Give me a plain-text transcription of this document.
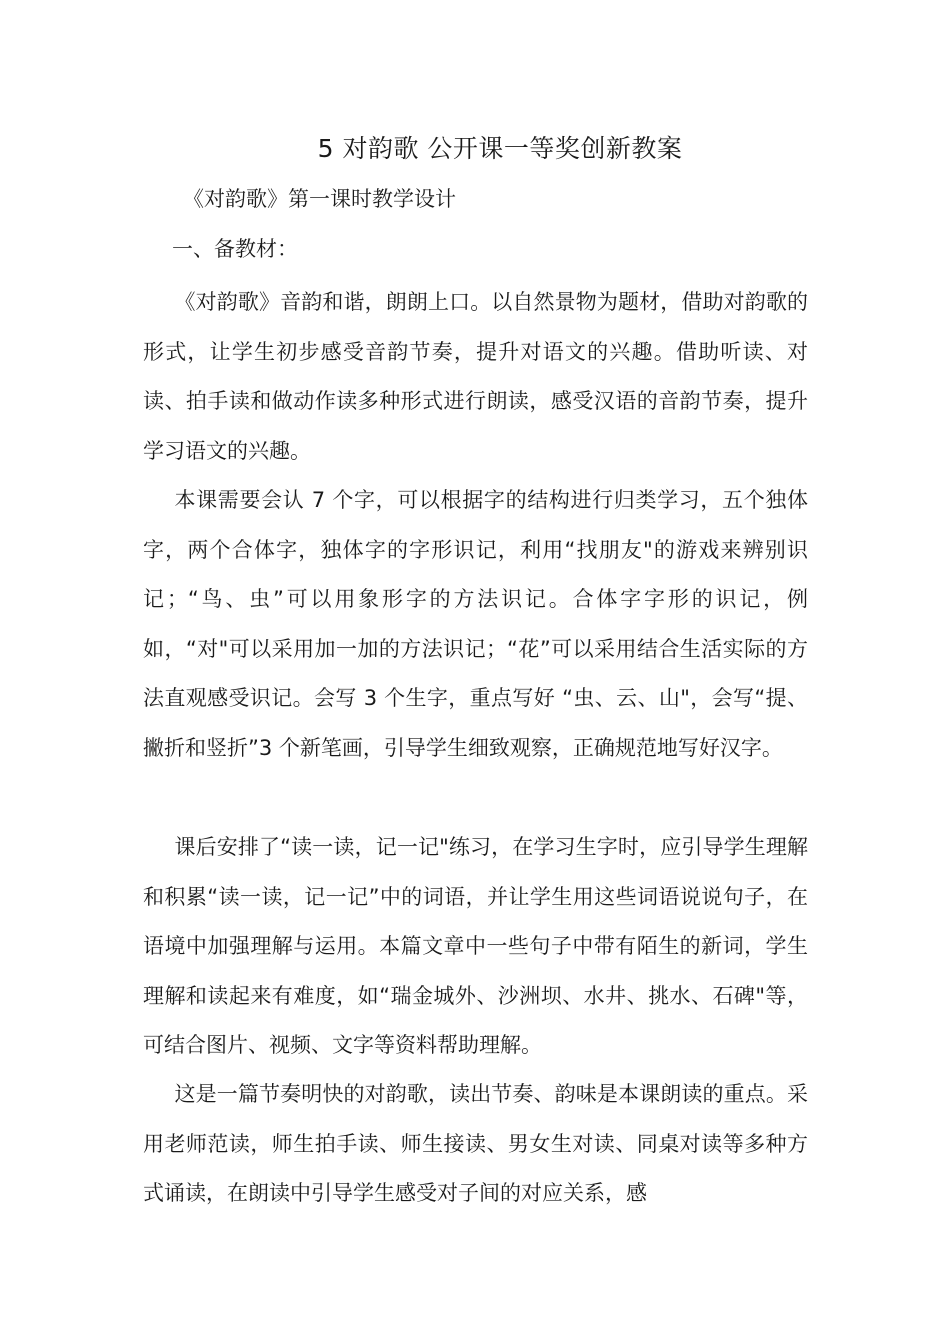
5 对韵歌 公开课一等奖创新教案
《对韵歌》第一课时教学设计
一、备教材：

《对韵歌》音韵和谐，朗朗上口。以自然景物为题材，借助对韵歌的形式，让学生初步感受音韵节奏，提升对语文的兴趣。借助听读、对读、拍手读和做动作读多种形式进行朗读，感受汉语的音韵节奏，提升学习语文的兴趣。

本课需要会认 7 个字，可以根据字的结构进行归类学习，五个独体字，两个合体字，独体字的字形识记，利用“找朋友"的游戏来辨别识记；“鸟、虫”可以用象形字的方法识记。合体字字形的识记，例如，“对"可以采用加一加的方法识记；“花”可以采用结合生活实际的方法直观感受识记。会写 3 个生字，重点写好 “虫、云、山"，会写“提、撇折和竖折”3 个新笔画，引导学生细致观察，正确规范地写好汉字。

课后安排了“读一读，记一记"练习，在学习生字时，应引导学生理解和积累“读一读，记一记”中的词语，并让学生用这些词语说说句子，在语境中加强理解与运用。本篇文章中一些句子中带有陌生的新词，学生理解和读起来有难度，如“瑞金城外、沙洲坝、水井、挑水、石碑"等，可结合图片、视频、文字等资料帮助理解。

这是一篇节奏明快的对韵歌，读出节奏、韵味是本课朗读的重点。采用老师范读，师生拍手读、师生接读、男女生对读、同桌对读等多种方式诵读，在朗读中引导学生感受对子间的对应关系，感
